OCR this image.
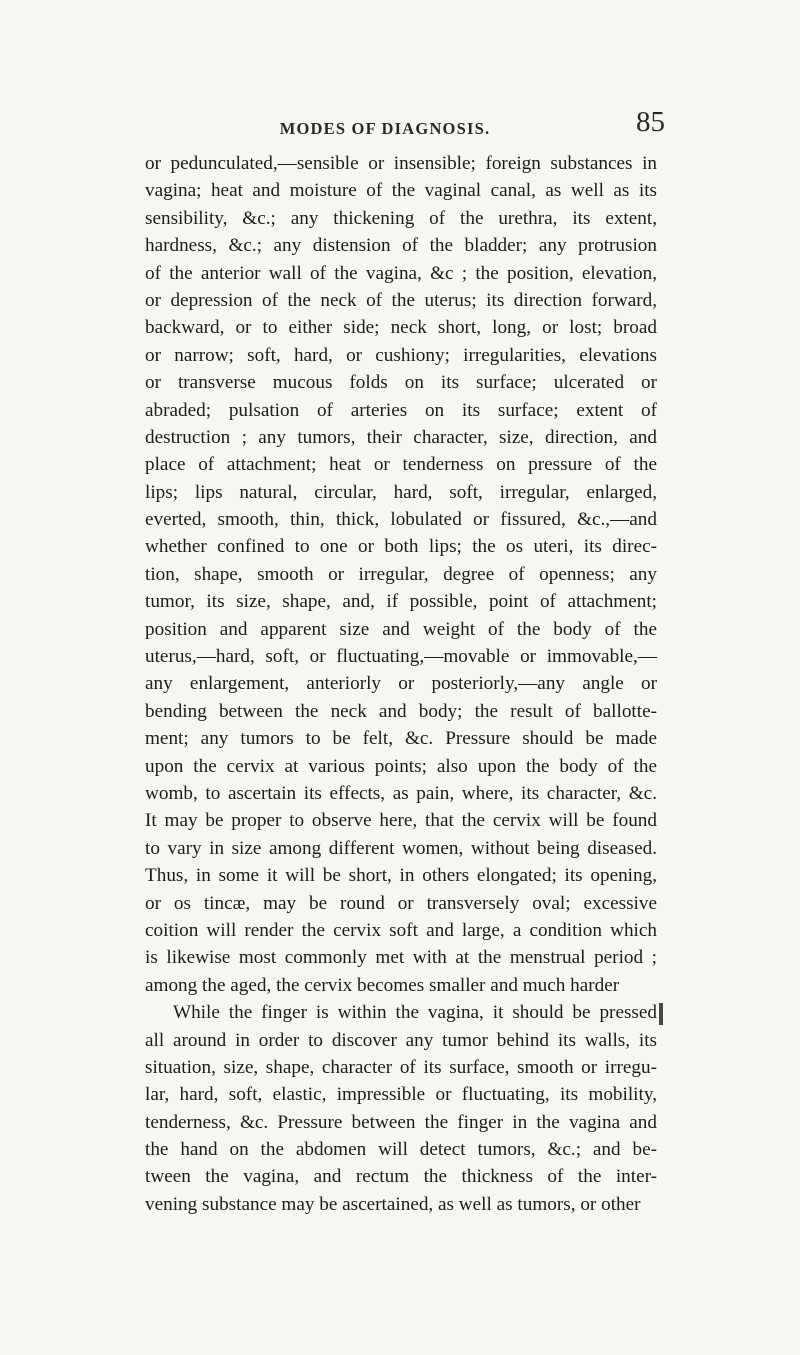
MODES OF DIAGNOSIS.	85
or pedunculated,—sensible or insensible; foreign substances in
vagina; heat and moisture of the vaginal canal, as well as its
sensibility, &c.; any thickening of the urethra, its extent,
hardness, &c.; any distension of the bladder; any protrusion
of the anterior wall of the vagina, &c ; the position, elevation,
or depression of the neck of the uterus; its direction forward,
backward, or to either side; neck short, long, or lost; broad
or narrow; soft, hard, or cushiony; irregularities, elevations
or transverse mucous folds on its surface; ulcerated or
abraded; pulsation of arteries on its surface; extent of
destruction ; any tumors, their character, size, direction, and
place of attachment; heat or tenderness on pressure of the
lips; lips natural, circular, hard, soft, irregular, enlarged,
everted, smooth, thin, thick, lobulated or fissured, &c.,—and
whether confined to one or both lips; the os uteri, its direc-
tion, shape, smooth or irregular, degree of openness; any
tumor, its size, shape, and, if possible, point of attachment;
position and apparent size and weight of the body of the
uterus,—hard, soft, or fluctuating,—movable or immovable,—
any enlargement, anteriorly or posteriorly,—any angle or
bending between the neck and body; the result of ballotte-
ment; any tumors to be felt, &c. Pressure should be made
upon the cervix at various points; also upon the body of the
womb, to ascertain its effects, as pain, where, its character, &c.
It may be proper to observe here, that the cervix will be found
to vary in size among different women, without being diseased.
Thus, in some it will be short, in others elongated; its opening,
or os tincæ, may be round or transversely oval; excessive
coition will render the cervix soft and large, a condition which
is likewise most commonly met with at the menstrual period ;
among the aged, the cervix becomes smaller and much harder
While the finger is within the vagina, it should be pressed
all around in order to discover any tumor behind its walls, its
situation, size, shape, character of its surface, smooth or irregu-
lar, hard, soft, elastic, impressible or fluctuating, its mobility,
tenderness, &c. Pressure between the finger in the vagina and
the hand on the abdomen will detect tumors, &c.; and be-
tween the vagina, and rectum the thickness of the inter-
vening substance may be ascertained, as well as tumors, or other
